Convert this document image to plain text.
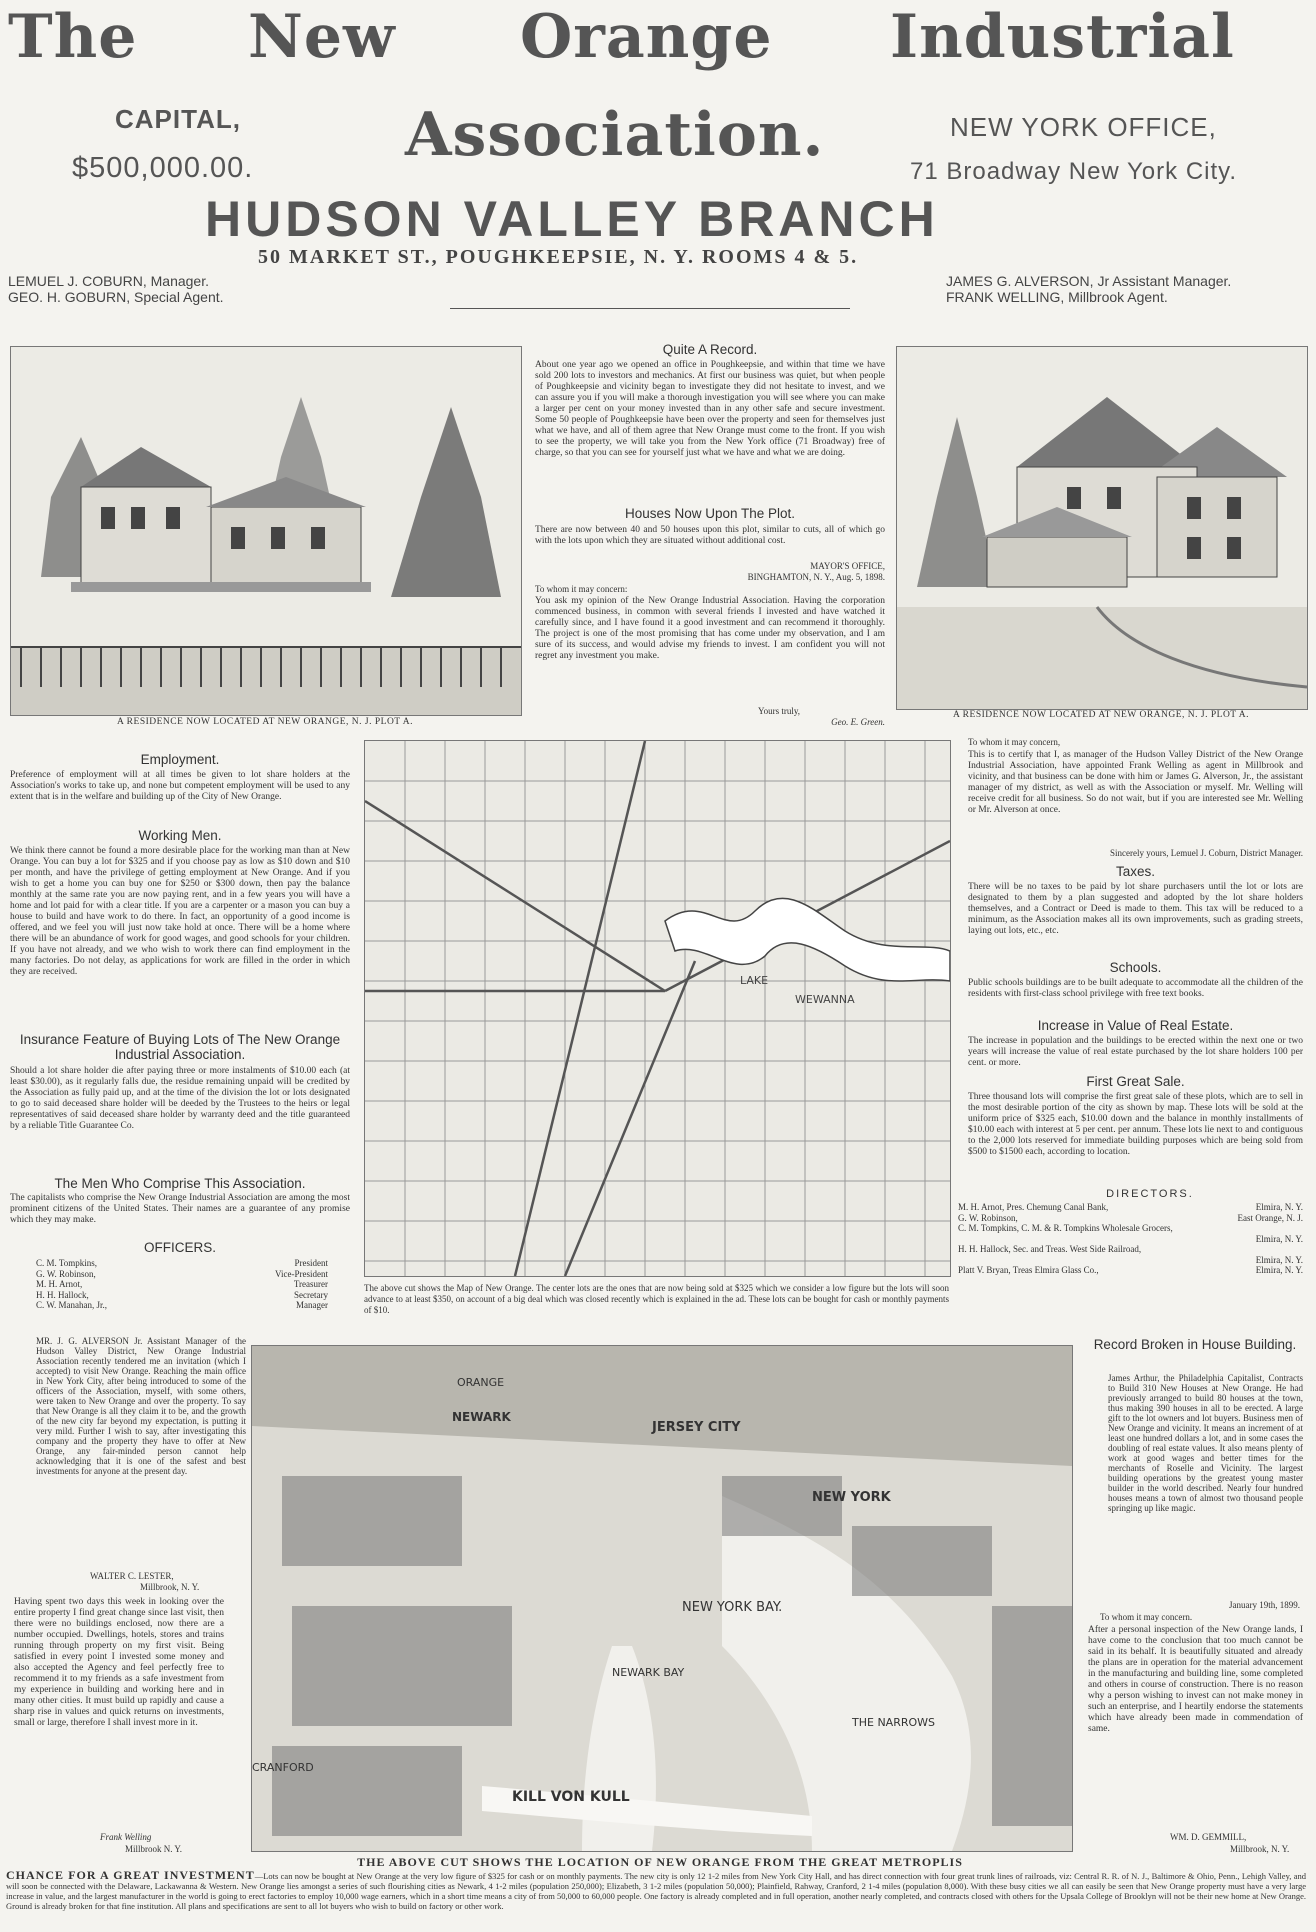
The New Orange Industrial
CAPITAL,
$500,000.00.	Association.	NEW YORK OFFICE,
71 Broadway New York City.
HUDSON VALLEY BRANCH
50 MARKET ST., POUGHKEEPSIE, N. Y. ROOMS 4 & 5.
LEMUEL J. COBURN, Manager.
GEO. H. GOBURN, Special Agent.
JAMES G. ALVERSON, Jr Assistant Manager.
FRANK WELLING, Millbrook Agent.
A RESIDENCE NOW LOCATED AT NEW ORANGE, N. J. PLOT A.
A RESIDENCE NOW LOCATED AT NEW ORANGE, N. J. PLOT A.
Quite A Record.
About one year ago we opened an office in Poughkeepsie, and within that time we have sold 200 lots to investors and mechanics. At first our business was quiet, but when people of Poughkeepsie and vicinity began to investigate they did not hesitate to invest, and we can assure you if you will make a thorough investigation you will see where you can make a larger per cent on your money invested than in any other safe and secure investment. Some 50 people of Poughkeepsie have been over the property and seen for themselves just what we have, and all of them agree that New Orange must come to the front. If you wish to see the property, we will take you from the New York office (71 Broadway) free of charge, so that you can see for yourself just what we have and what we are doing.
Houses Now Upon The Plot.
There are now between 40 and 50 houses upon this plot, similar to cuts, all of which go with the lots upon which they are situated without additional cost.
MAYOR'S OFFICE,
BINGHAMTON, N. Y., Aug. 5, 1898.
To whom it may concern:
You ask my opinion of the New Orange Industrial Association. Having the corporation commenced business, in common with several friends I invested and have watched it carefully since, and I have found it a good investment and can recommend it thoroughly. The project is one of the most promising that has come under my observation, and I am sure of its success, and would advise my friends to invest. I am confident you will not regret any investment you make.
Yours truly,
Geo. E. Green.
Employment.
Preference of employment will at all times be given to lot share holders at the Association's works to take up, and none but competent employment will be used to any extent that is in the welfare and building up of the City of New Orange.
Working Men.
We think there cannot be found a more desirable place for the working man than at New Orange. You can buy a lot for $325 and if you choose pay as low as $10 down and $10 per month, and have the privilege of getting employment at New Orange. And if you wish to get a home you can buy one for $250 or $300 down, then pay the balance monthly at the same rate you are now paying rent, and in a few years you will have a home and lot paid for with a clear title. If you are a carpenter or a mason you can buy a house to build and have work to do there. In fact, an opportunity of a good income is offered, and we feel you will just now take hold at once. There will be a home where there will be an abundance of work for good wages, and good schools for your children. If you have not already, and we who wish to work there can find employment in the many factories. Do not delay, as applications for work are filled in the order in which they are received.
Insurance Feature of Buying Lots of The New Orange Industrial Association.
Should a lot share holder die after paying three or more instalments of $10.00 each (at least $30.00), as it regularly falls due, the residue remaining unpaid will be credited by the Association as fully paid up, and at the time of the division the lot or lots designated to go to said deceased share holder will be deeded by the Trustees to the heirs or legal representatives of said deceased share holder by warranty deed and the title guaranteed by a reliable Title Guarantee Co.
The Men Who Comprise This Association.
The capitalists who comprise the New Orange Industrial Association are among the most prominent citizens of the United States. Their names are a guarantee of any promise which they may make.
OFFICERS.
C. M. Tompkins,	President
G. W. Robinson,	Vice-President
M. H. Arnot,	Treasurer
H. H. Hallock,	Secretary
C. W. Manahan, Jr.,	Manager
MR. J. G. ALVERSON Jr. Assistant Manager of the Hudson Valley District, New Orange Industrial Association recently tendered me an invitation (which I accepted) to visit New Orange. Reaching the main office in New York City, after being introduced to some of the officers of the Association, myself, with some others, were taken to New Orange and over the property. To say that New Orange is all they claim it to be, and the growth of the new city far beyond my expectation, is putting it very mild. Further I wish to say, after investigating this company and the property they have to offer at New Orange, any fair-minded person cannot help acknowledging that it is one of the safest and best investments for anyone at the present day.
WALTER C. LESTER,
Millbrook, N. Y.
Having spent two days this week in looking over the entire property I find great change since last visit, then there were no buildings enclosed, now there are a number occupied. Dwellings, hotels, stores and trains running through property on my first visit. Being satisfied in every point I invested some money and also accepted the Agency and feel perfectly free to recommend it to my friends as a safe investment from my experience in building and working here and in many other cities. It must build up rapidly and cause a sharp rise in values and quick returns on investments, small or large, therefore I shall invest more in it.
Frank Welling
Millbrook N. Y.
LAKE
WEWANNA
The above cut shows the Map of New Orange. The center lots are the ones that are now being sold at $325 which we consider a low figure but the lots will soon advance to at least $350, on account of a big deal which was closed recently which is explained in the ad. These lots can be bought for cash or monthly payments of $10.
To whom it may concern,
This is to certify that I, as manager of the Hudson Valley District of the New Orange Industrial Association, have appointed Frank Welling as agent in Millbrook and vicinity, and that business can be done with him or James G. Alverson, Jr., the assistant manager of my district, as well as with the Association or myself. Mr. Welling will receive credit for all business. So do not wait, but if you are interested see Mr. Welling or Mr. Alverson at once.
Sincerely yours, Lemuel J. Coburn, District Manager.
Taxes.
There will be no taxes to be paid by lot share purchasers until the lot or lots are designated to them by a plan suggested and adopted by the lot share holders themselves, and a Contract or Deed is made to them. This tax will be reduced to a minimum, as the Association makes all its own improvements, such as grading streets, laying out lots, etc., etc.
Schools.
Public schools buildings are to be built adequate to accommodate all the children of the residents with first-class school privilege with free text books.
Increase in Value of Real Estate.
The increase in population and the buildings to be erected within the next one or two years will increase the value of real estate purchased by the lot share holders 100 per cent. or more.
First Great Sale.
Three thousand lots will comprise the first great sale of these plots, which are to sell in the most desirable portion of the city as shown by map. These lots will be sold at the uniform price of $325 each, $10.00 down and the balance in monthly installments of $10.00 each with interest at 5 per cent. per annum. These lots lie next to and contiguous to the 2,000 lots reserved for immediate building purposes which are being sold from $500 to $1500 each, according to location.
DIRECTORS.
M. H. Arnot, Pres. Chemung Canal Bank,	Elmira, N. Y.
G. W. Robinson,	East Orange, N. J.
C. M. Tompkins, C. M. & R. Tompkins Wholesale Grocers,
Elmira, N. Y.
H. H. Hallock, Sec. and Treas. West Side Railroad,
Elmira, N. Y.
Platt V. Bryan, Treas Elmira Glass Co.,	Elmira, N. Y.
Record Broken in House Building.
James Arthur, the Philadelphia Capitalist, Contracts to Build 310 New Houses at New Orange. He had previously arranged to build 80 houses at the town, thus making 390 houses in all to be erected. A large gift to the lot owners and lot buyers. Business men of New Orange and vicinity. It means an increment of at least one hundred dollars a lot, and in some cases the doubling of real estate values. It also means plenty of work at good wages and better times for the merchants of Roselle and Vicinity. The largest building operations by the greatest young master builder in the world described. Nearly four hundred houses means a town of almost two thousand people springing up like magic.
January 19th, 1899.
To whom it may concern.
After a personal inspection of the New Orange lands, I have come to the conclusion that too much cannot be said in its behalf. It is beautifully situated and already the plans are in operation for the material advancement in the manufacturing and building line, some completed and others in course of construction. There is no reason why a person wishing to invest can not make money in such an enterprise, and I heartily endorse the statements which have already been made in commendation of same.
WM. D. GEMMILL,
Millbrook, N. Y.
ORANGE
JERSEY CITY
NEW YORK
NEWARK
NEW YORK BAY.
NEWARK BAY
KILL VON KULL
CRANFORD
THE NARROWS
THE ABOVE CUT SHOWS THE LOCATION OF NEW ORANGE FROM THE GREAT METROPLIS
CHANCE FOR A GREAT INVESTMENT—Lots can now be bought at New Orange at the very low figure of $325 for cash or on monthly payments. The new city is only 12 1-2 miles from New York City Hall, and has direct connection with four great trunk lines of railroads, viz: Central R. R. of N. J., Baltimore & Ohio, Penn., Lehigh Valley, and will soon be connected with the Delaware, Lackawanna & Western. New Orange lies amongst a series of such flourishing cities as Newark, 4 1-2 miles (population 250,000); Elizabeth, 3 1-2 miles (population 50,000); Plainfield, Rahway, Cranford, 2 1-4 miles (population 8,000). With these busy cities we all can easily be seen that New Orange property must have a very large increase in value, and the largest manufacturer in the world is going to erect factories to employ 10,000 wage earners, which in a short time means a city of from 50,000 to 60,000 people. One factory is already completed and in full operation, another nearly completed, and contracts closed with others for the Upsala College of Brooklyn will not be their new home at New Orange. Ground is already broken for that fine institution. All plans and specifications are sent to all lot buyers who wish to build on factory or other work.
